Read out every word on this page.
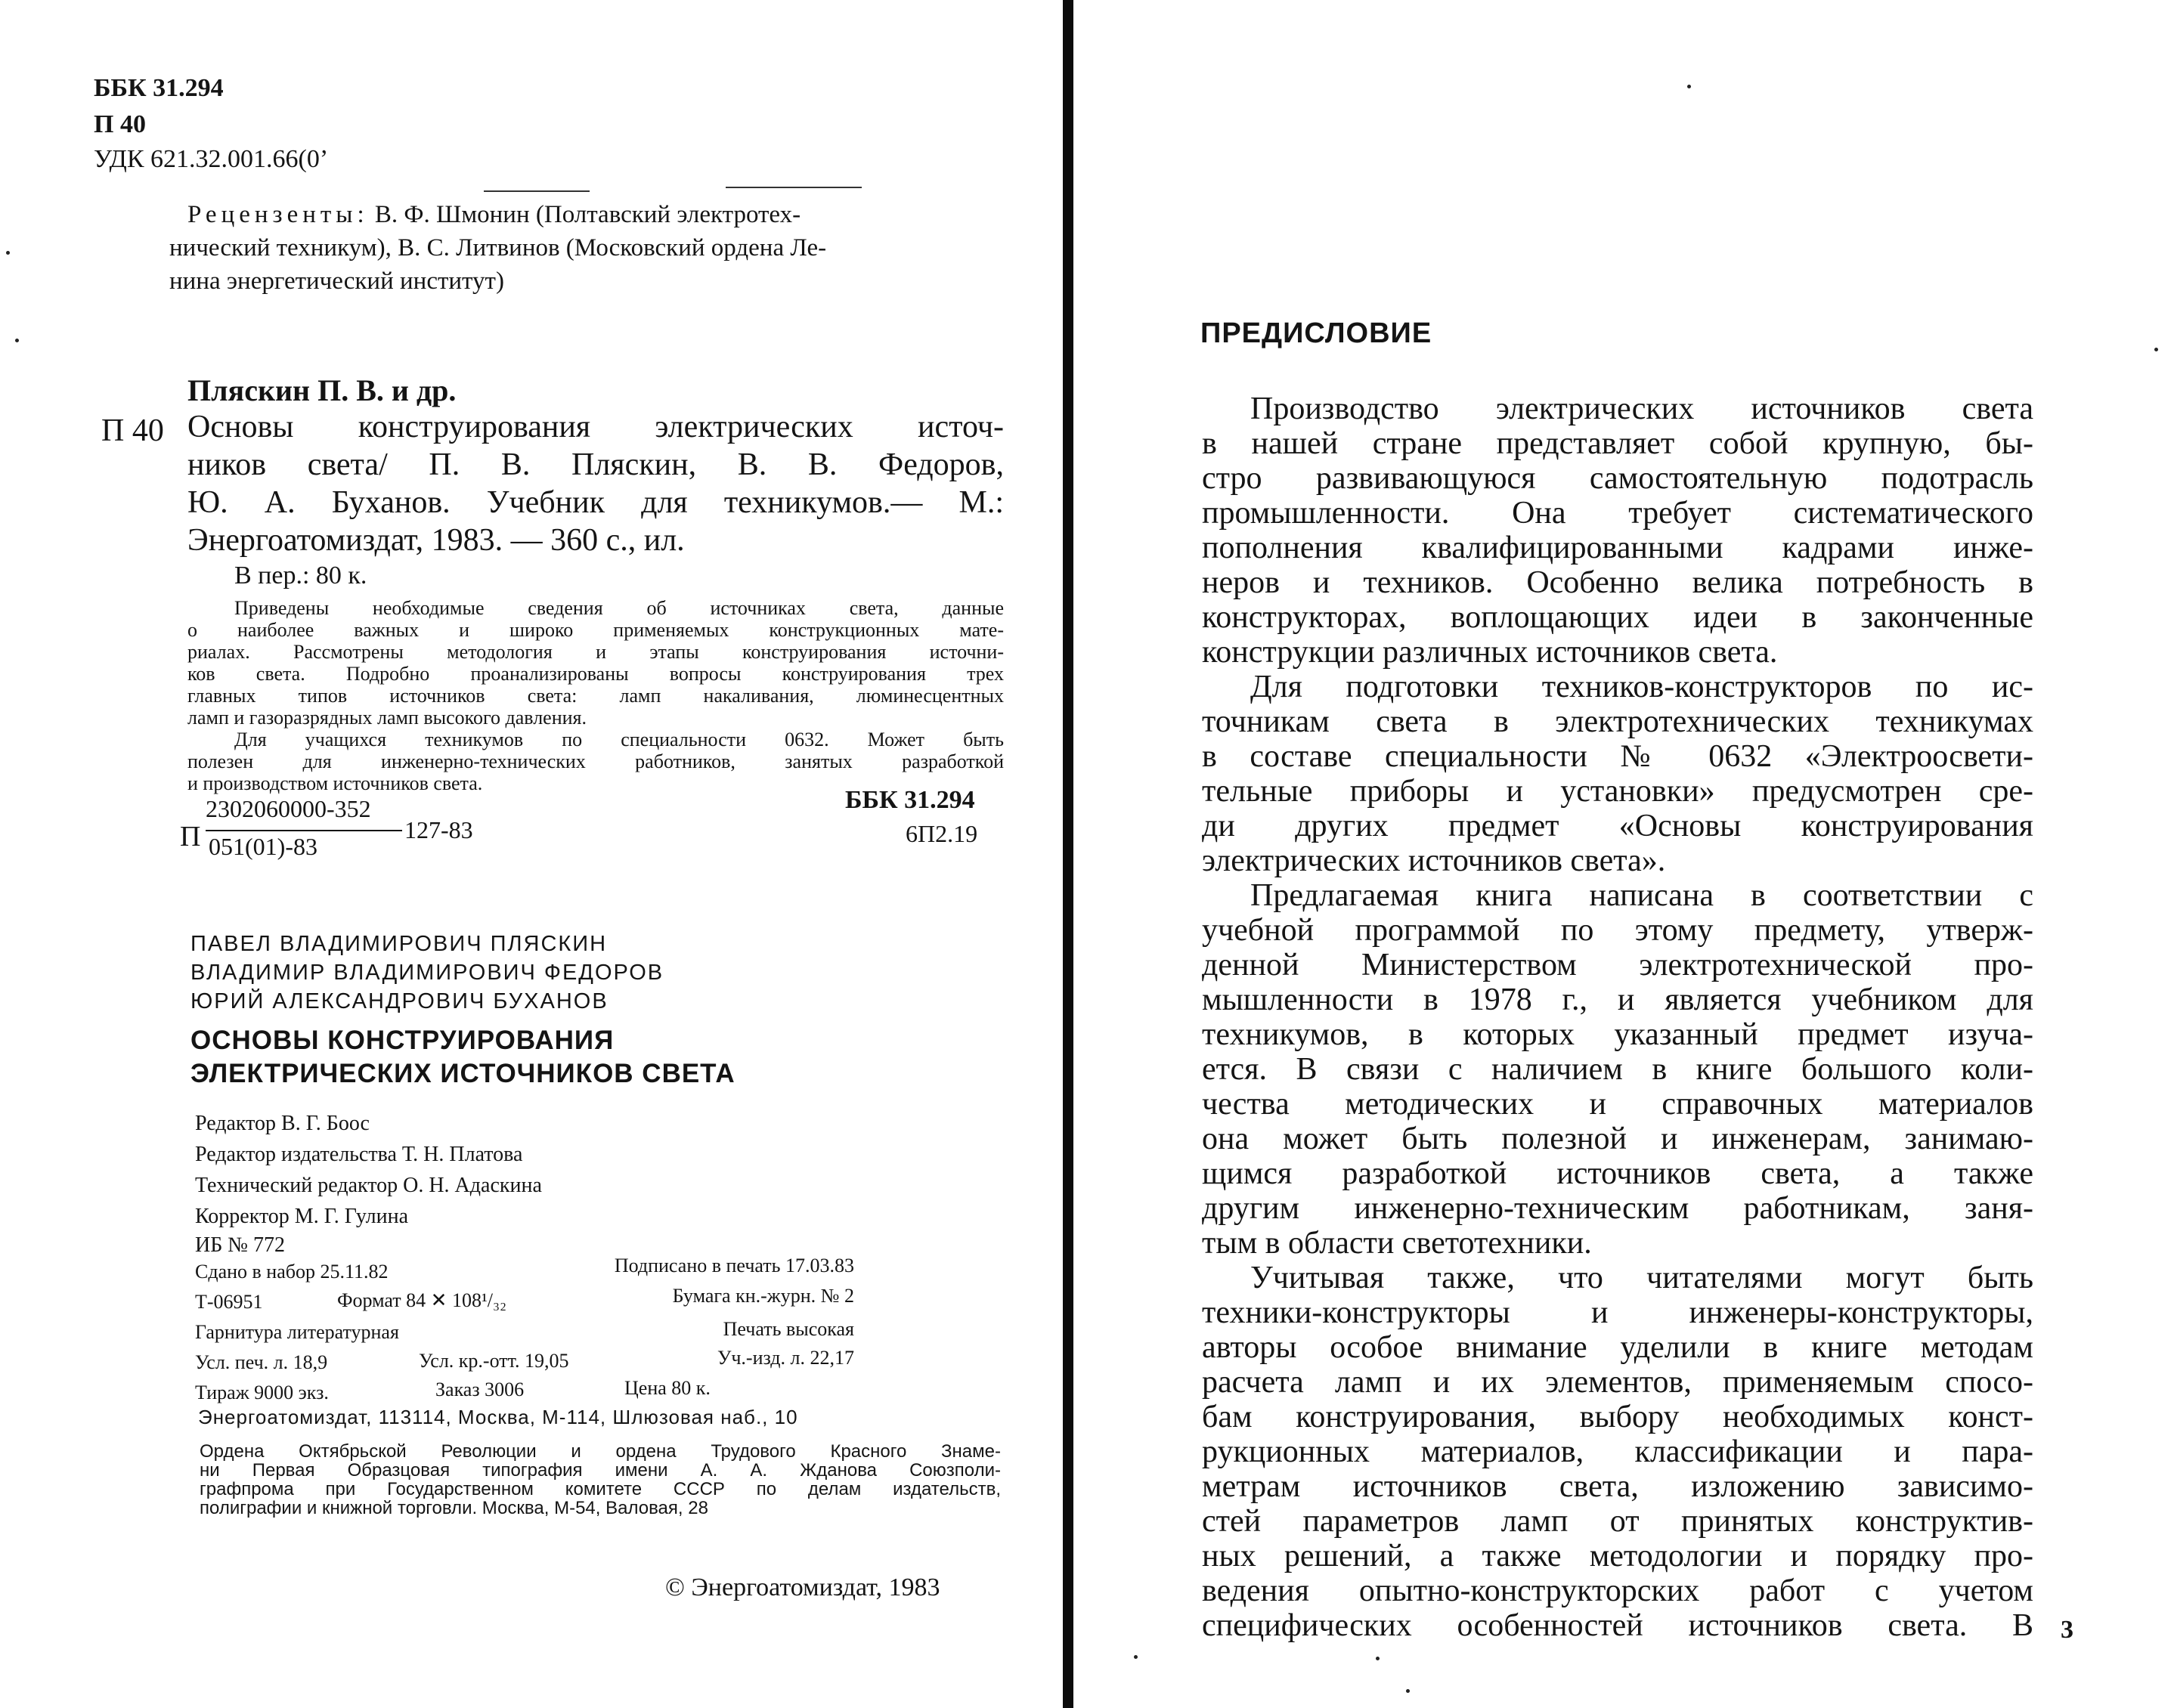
ББК 31.294
П 40
УДК 621.32.001.66(0’
Рецензенты: В. Ф. Шмонин (Полтавский электротех-
нический техникум), В. С. Литвинов (Московский ордена Ле-
нина энергетический институт)
Пляскин П. В. и др.
П 40 Основы конструирования электрических источ-
ников света/ П. В. Пляскин, В. В. Федоров,
Ю. А. Буханов. Учебник для техникумов.— М.:
Энергоатомиздат, 1983. — 360 с., ил.
В пер.: 80 к.
Приведены необходимые сведения об источниках света, данные
о наиболее важных и широко применяемых конструкционных мате-
риалах. Рассмотрены методология и этапы конструирования источни-
ков света. Подробно проанализированы вопросы конструирования трех
главных типов источников света: ламп накаливания, люминесцентных
ламп и газоразрядных ламп высокого давления.
Для учащихся техникумов по специальности 0632. Может быть
полезен для инженерно-технических работников, занятых разработкой
и производством источников света.
П
2302060000-352
051(01)-83
127-83
ББК 31.294
6П2.19
ПАВЕЛ ВЛАДИМИРОВИЧ ПЛЯСКИН
ВЛАДИМИР ВЛАДИМИРОВИЧ ФЕДОРОВ
ЮРИЙ АЛЕКСАНДРОВИЧ БУХАНОВ
ОСНОВЫ КОНСТРУИРОВАНИЯ
ЭЛЕКТРИЧЕСКИХ ИСТОЧНИКОВ СВЕТА
Редактор В. Г. Боос
Редактор издательства Т. Н. Платова
Технический редактор О. Н. Адаскина
Корректор М. Г. Гулина
ИБ № 772
Сдано в набор 25.11.82	Подписано в печать 17.03.83
Т-06951	Формат 84 ✕ 108¹/₃₂	Бумага кн.-журн. № 2
Гарнитура литературная	Печать высокая
Усл. печ. л. 18,9	Усл. кр.-отт. 19,05	Уч.-изд. л. 22,17
Тираж 9000 экз.	Заказ 3006	Цена 80 к.
Энергоатомиздат, 113114, Москва, М-114, Шлюзовая наб., 10
Ордена Октябрьской Революции и ордена Трудового Красного Знаме-
ни Первая Образцовая типография имени А. А. Жданова Союзполи-
графпрома при Государственном комитете СССР по делам издательств,
полиграфии и книжной торговли. Москва, М-54, Валовая, 28
© Энергоатомиздат, 1983
ПРЕДИСЛОВИЕ
Производство электрических источников света
в нашей стране представляет собой крупную, бы-
стро развивающуюся самостоятельную подотрасль
промышленности. Она требует систематического
пополнения квалифицированными кадрами инже-
неров и техников. Особенно велика потребность в
конструкторах, воплощающих идеи в законченные
конструкции различных источников света.
Для подготовки техников-конструкторов по ис-
точникам света в электротехнических техникумах
в составе специальности № 0632 «Электроосвети-
тельные приборы и установки» предусмотрен сре-
ди других предмет «Основы конструирования
электрических источников света».
Предлагаемая книга написана в соответствии с
учебной программой по этому предмету, утверж-
денной Министерством электротехнической про-
мышленности в 1978 г., и является учебником для
техникумов, в которых указанный предмет изуча-
ется. В связи с наличием в книге большого коли-
чества методических и справочных материалов
она может быть полезной и инженерам, занимаю-
щимся разработкой источников света, а также
другим инженерно-техническим работникам, заня-
тым в области светотехники.
Учитывая также, что читателями могут быть
техники-конструкторы и инженеры-конструкторы,
авторы особое внимание уделили в книге методам
расчета ламп и их элементов, применяемым спосо-
бам конструирования, выбору необходимых конст-
рукционных материалов, классификации и пара-
метрам источников света, изложению зависимо-
стей параметров ламп от принятых конструктив-
ных решений, а также методологии и порядку про-
ведения опытно-конструкторских работ с учетом
специфических особенностей источников света. В 3
